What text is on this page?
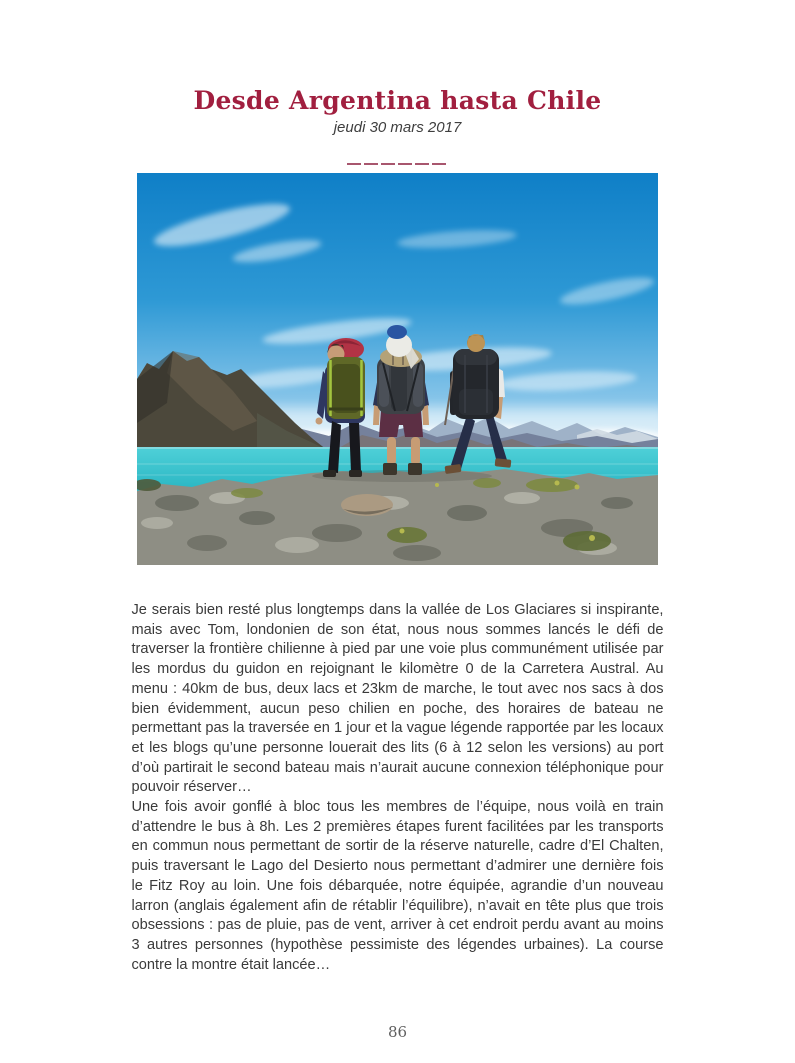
Desde Argentina hasta Chile
jeudi 30 mars 2017

Je serais bien resté plus longtemps dans la vallée de Los Glaciares si inspirante, mais avec Tom, londonien de son état, nous nous sommes lancés le défi de traverser la frontière chilienne à pied par une voie plus communément utilisée par les mordus du guidon en rejoignant le kilomètre 0 de la Carretera Austral. Au menu : 40km de bus, deux lacs et 23km de marche, le tout avec nos sacs à dos bien évidemment, aucun peso chilien en poche, des horaires de bateau ne permettant pas la traversée en 1 jour et la vague légende rapportée par les locaux et les blogs qu’une personne louerait des lits (6 à 12 selon les versions) au port d’où partirait le second bateau mais n’aurait aucune connexion téléphonique pour pouvoir réserver…

Une fois avoir gonflé à bloc tous les membres de l’équipe, nous voilà en train d’attendre le bus à 8h. Les 2 premières étapes furent facilitées par les transports en commun nous permettant de sortir de la réserve naturelle, cadre d’El Chalten, puis traversant le Lago del Desierto nous permettant d’admirer une dernière fois le Fitz Roy au loin. Une fois débarquée, notre équipée, agrandie d’un nouveau larron (anglais également afin de rétablir l’équilibre), n’avait en tête plus que trois obsessions : pas de pluie, pas de vent, arriver à cet endroit perdu avant au moins 3 autres personnes (hypothèse pessimiste des légendes urbaines). La course contre la montre était lancée…

86
